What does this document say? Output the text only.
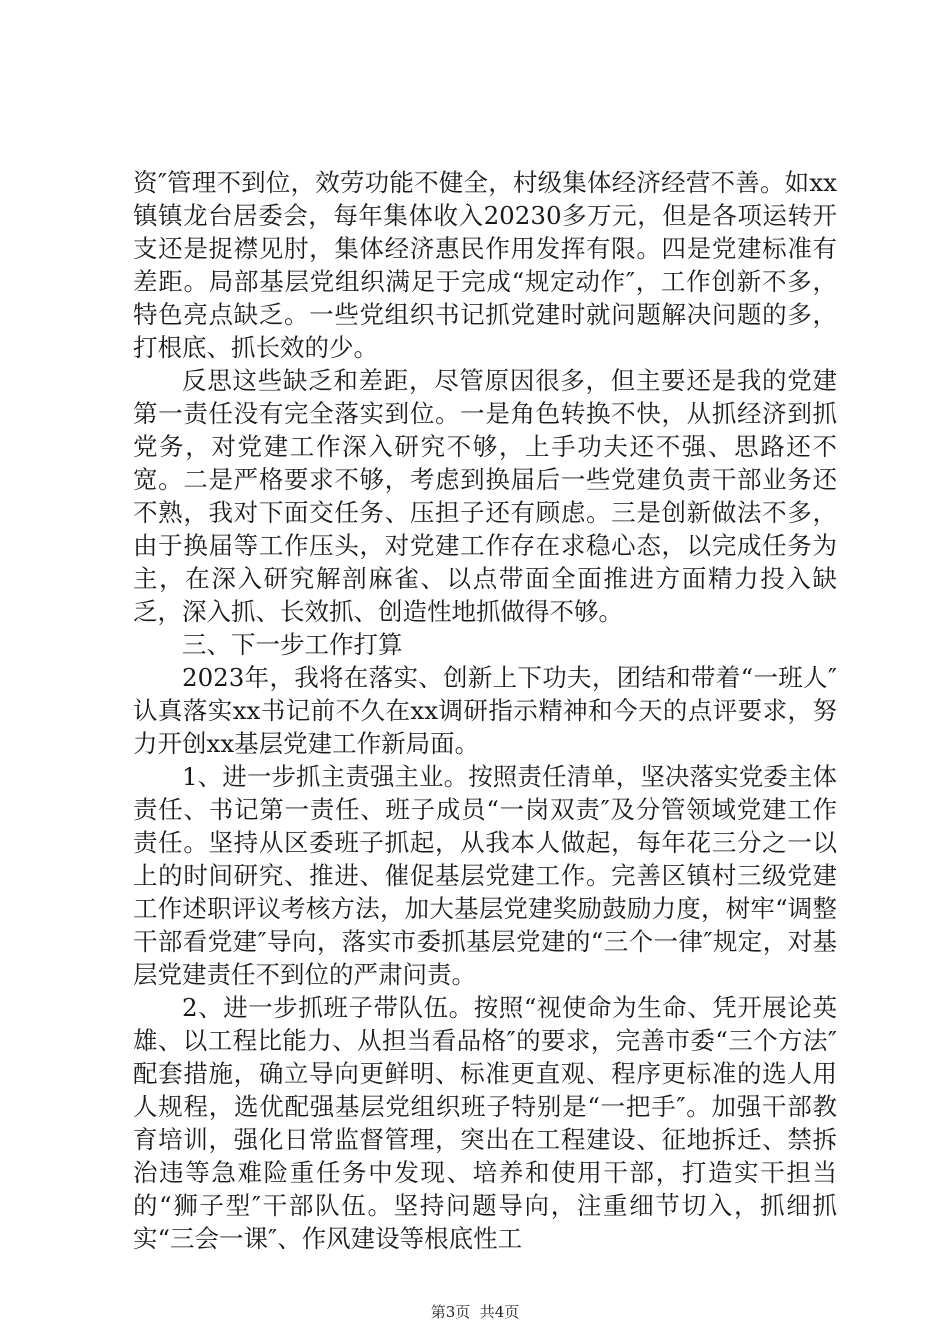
资″管理不到位，效劳功能不健全，村级集体经济经营不善。如xx镇镇龙台居委会，每年集体收入20230多万元，但是各项运转开支还是捉襟见肘，集体经济惠民作用发挥有限。四是党建标准有差距。局部基层党组织满足于完成“规定动作″，工作创新不多，特色亮点缺乏。一些党组织书记抓党建时就问题解决问题的多，打根底、抓长效的少。

反思这些缺乏和差距，尽管原因很多，但主要还是我的党建第一责任没有完全落实到位。一是角色转换不快，从抓经济到抓党务，对党建工作深入研究不够，上手功夫还不强、思路还不宽。二是严格要求不够，考虑到换届后一些党建负责干部业务还不熟，我对下面交任务、压担子还有顾虑。三是创新做法不多，由于换届等工作压头，对党建工作存在求稳心态，以完成任务为主，在深入研究解剖麻雀、以点带面全面推进方面精力投入缺乏，深入抓、长效抓、创造性地抓做得不够。

三、下一步工作打算

2023年，我将在落实、创新上下功夫，团结和带着“一班人″认真落实xx书记前不久在xx调研指示精神和今天的点评要求，努力开创xx基层党建工作新局面。

1、进一步抓主责强主业。按照责任清单，坚决落实党委主体责任、书记第一责任、班子成员“一岗双责″及分管领域党建工作责任。坚持从区委班子抓起，从我本人做起，每年花三分之一以上的时间研究、推进、催促基层党建工作。完善区镇村三级党建工作述职评议考核方法，加大基层党建奖励鼓励力度，树牢“调整干部看党建″导向，落实市委抓基层党建的“三个一律″规定，对基层党建责任不到位的严肃问责。

2、进一步抓班子带队伍。按照“视使命为生命、凭开展论英雄、以工程比能力、从担当看品格″的要求，完善市委“三个方法″配套措施，确立导向更鲜明、标准更直观、程序更标准的选人用人规程，选优配强基层党组织班子特别是“一把手″。加强干部教育培训，强化日常监督管理，突出在工程建设、征地拆迁、禁拆治违等急难险重任务中发现、培养和使用干部，打造实干担当的“狮子型″干部队伍。坚持问题导向，注重细节切入，抓细抓实“三会一课″、作风建设等根底性工

第3页  共4页
